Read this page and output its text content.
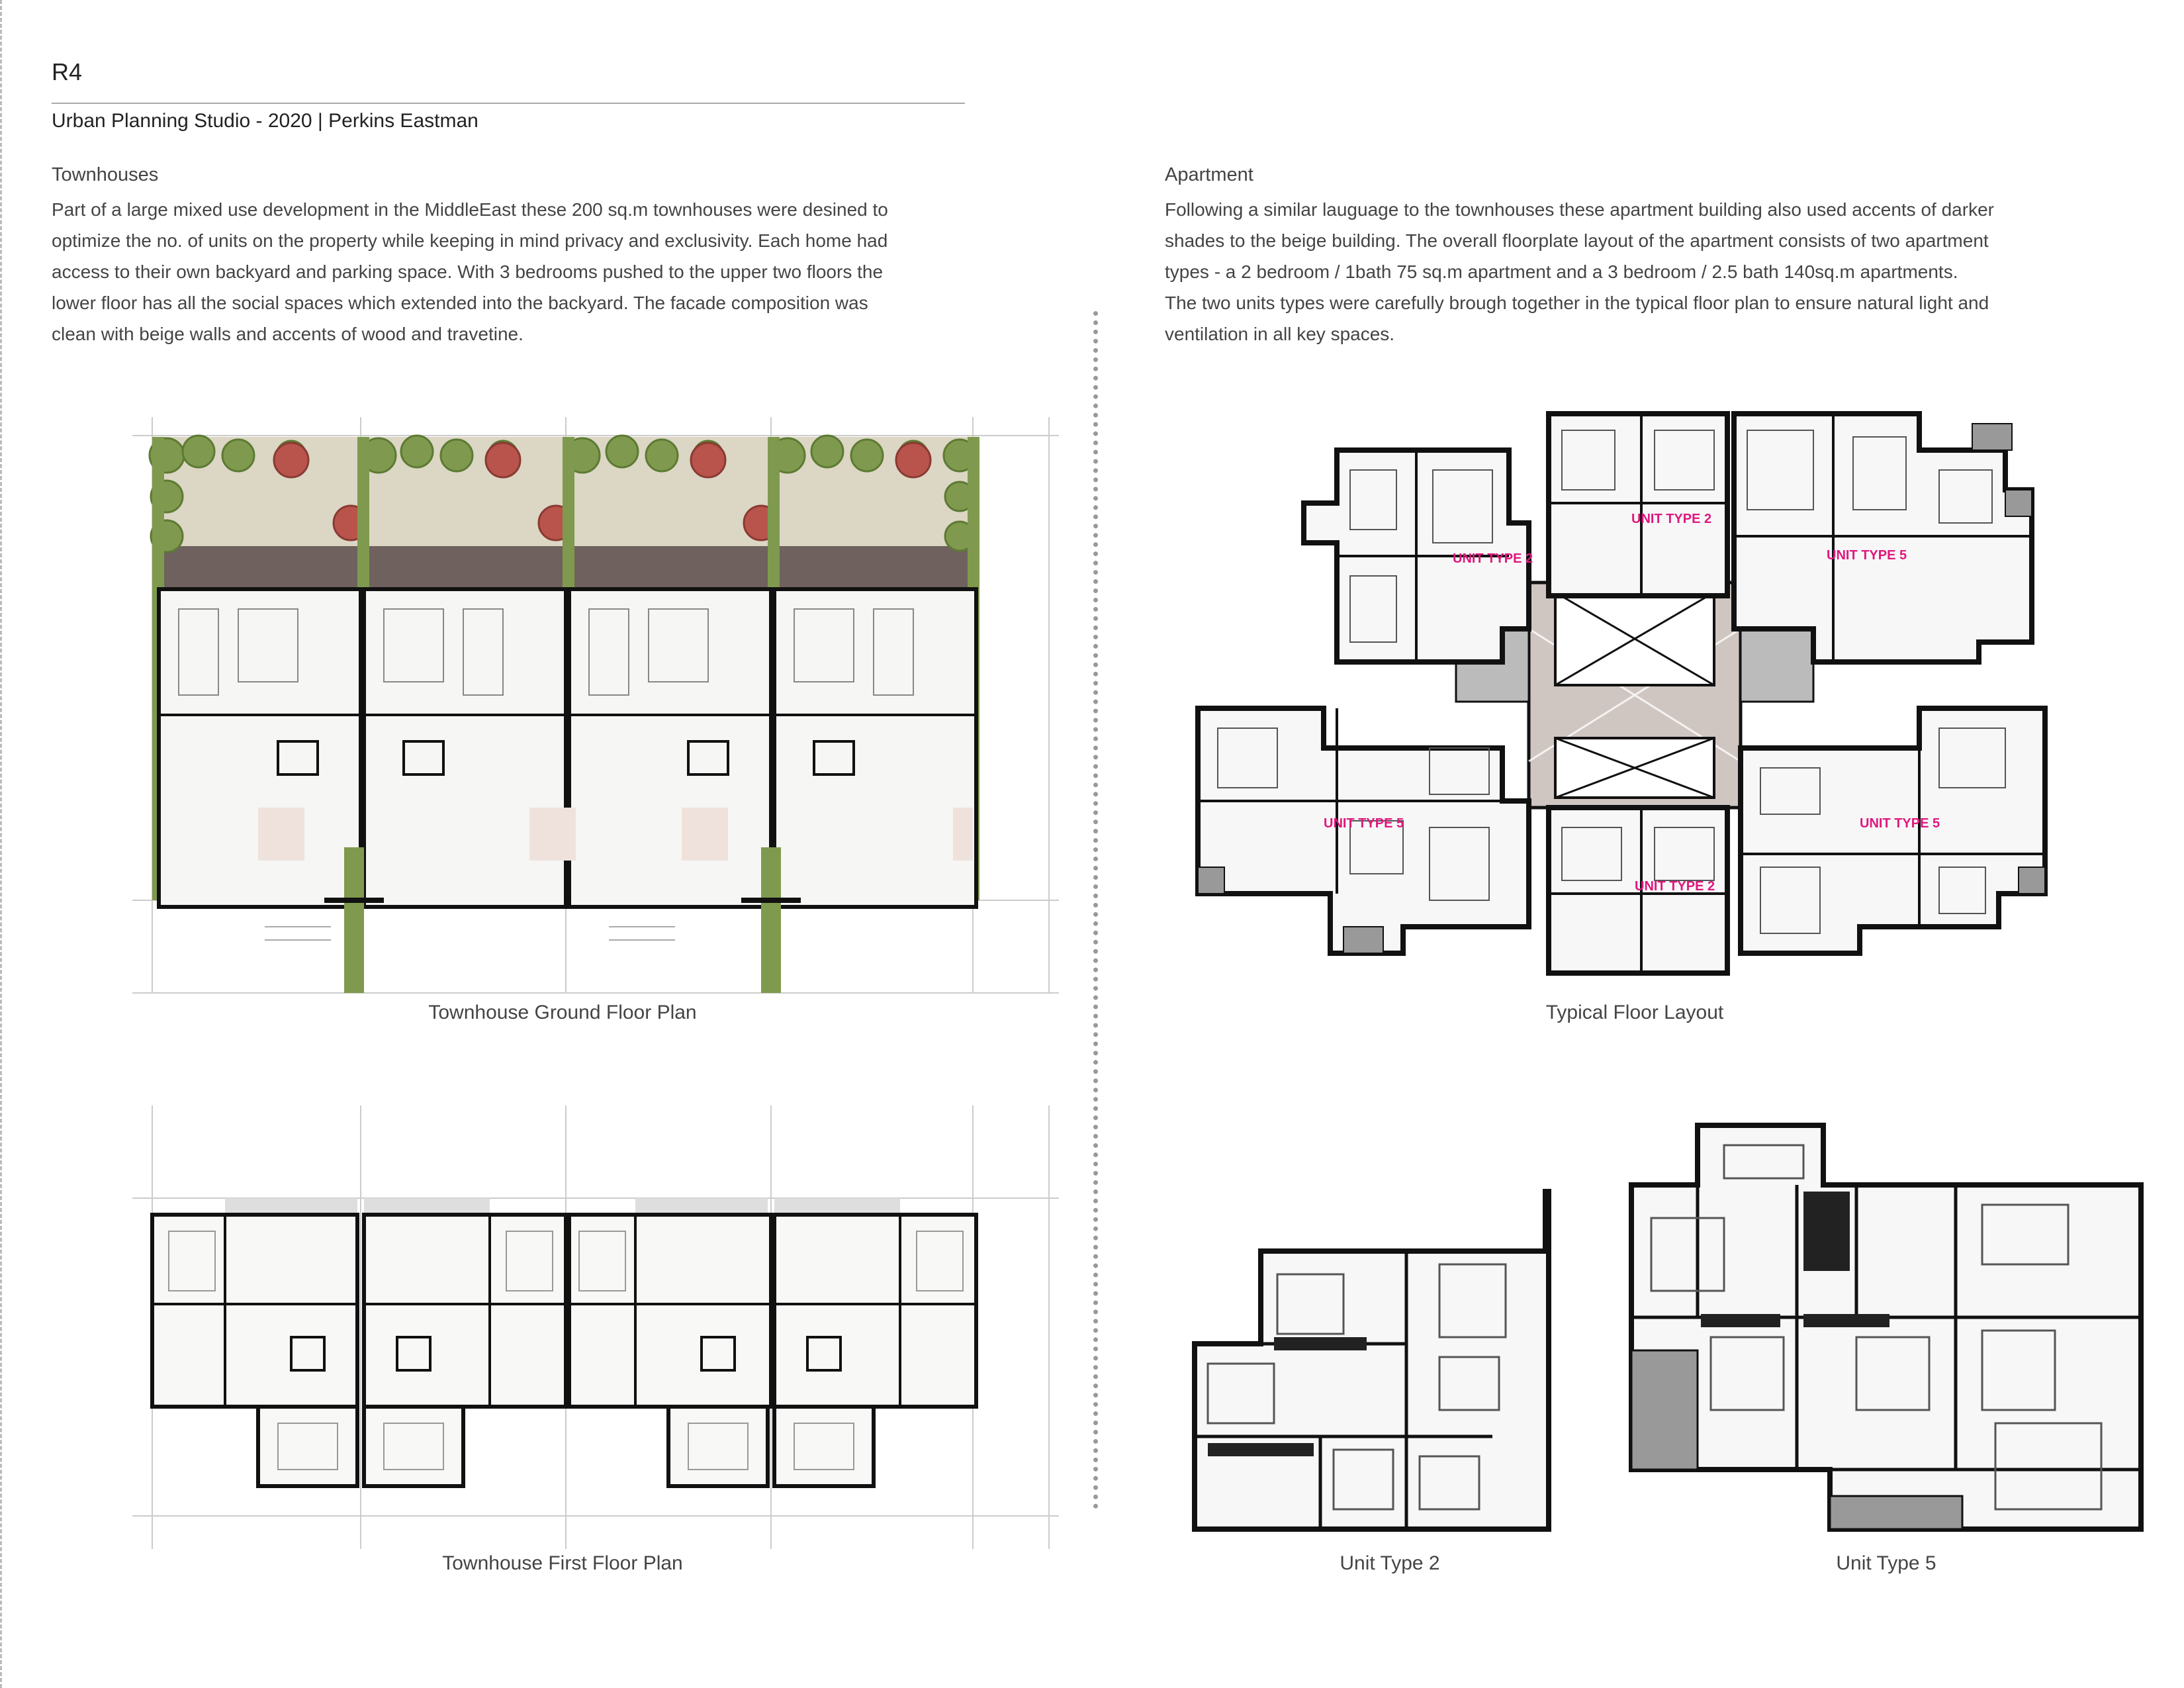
R4
Urban Planning Studio - 2020 | Perkins Eastman
Townhouses
Part of a large mixed use development in the MiddleEast these 200 sq.m townhouses were desined to
optimize the no. of units on the property while keeping in mind privacy and exclusivity. Each home had
access to their own backyard and parking space. With 3 bedrooms pushed to the upper two floors the
lower floor has all the social spaces which extended into the backyard. The facade composition was
clean with beige walls and accents of wood and travetine.
Apartment
Following a similar lauguage to the townhouses these apartment building also used accents of darker
shades to the beige building. The overall floorplate layout of the apartment consists of two apartment
types - a 2 bedroom / 1bath 75 sq.m apartment and a 3 bedroom / 2.5 bath 140sq.m apartments.
The two units types were carefully brough together in the typical floor plan to ensure natural light and
ventilation in all key spaces.
Townhouse Ground Floor Plan
Townhouse First Floor Plan
UNIT TYPE 2
UNIT TYPE 2
UNIT TYPE 5
UNIT TYPE 5
UNIT TYPE 2
UNIT TYPE 5
Typical Floor Layout
Unit Type 2	Unit Type 5
